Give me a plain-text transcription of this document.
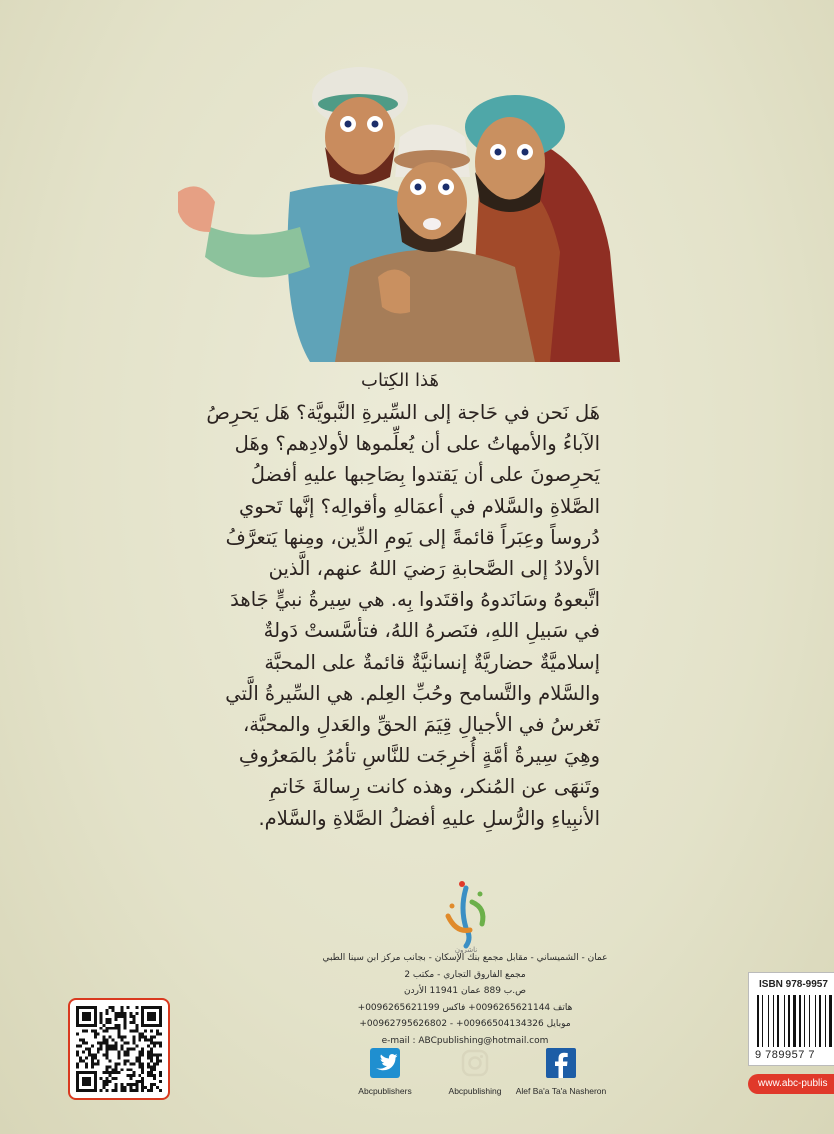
هَذا الكِتاب
هَل نَحن في حَاجة إلى السِّيرةِ النَّبويَّة؟ هَل يَحرِصُ
الآباءُ والأمهاتُ على أن يُعلِّموها لأولادِهم؟ وهَل
يَحرِصونَ على أن يَقتدوا بِصَاحِبها عليهِ أفضلُ
الصَّلاةِ والسَّلام في أعمَالهِ وأقوالِه؟ إنَّها تَحوي
دُروساً وعِبَراً قائمةً إلى يَومِ الدِّين، ومِنها يَتعرَّفُ
الأولادُ إلى الصَّحابةِ رَضيَ اللهُ عنهم، الَّذين
اتَّبعوهُ وسَانَدوهُ واقتَدوا بِه. هي سِيرةُ نبيٍّ جَاهدَ
في سَبيلِ اللهِ، فنَصرهُ اللهُ، فتأسَّستْ دَولةٌ
إسلاميَّةٌ حضاريَّةٌ إنسانيَّةٌ قائمةٌ على المحبَّة
والسَّلام والتَّسامح وحُبِّ العِلم. هي السِّيرةُ الَّتي
تَغرسُ في الأجيالِ قِيَمَ الحقِّ والعَدلِ والمحبَّة،
وهِيَ سِيرةُ أمَّةٍ أُخرِجَت للنَّاسِ تأمُرُ بالمَعرُوفِ
وتَنهَى عن المُنكر، وهذه كانت رِسالةَ خَاتمِ
الأنبِياءِ والرُّسلِ عليهِ أفضلُ الصَّلاةِ والسَّلام.
ناشرون
عمان - الشميساني - مقابل مجمع بنك الإسكان - بجانب مركز ابن سينا الطبي
مجمع الفاروق التجاري - مكتب 2
ص.ب 889 عمان 11941 الأردن
هاتف 0096265621144+ فاكس 0096265621199+
موبايل 00966504134326+ - 00962795626802+
e-mail : ABCpublishing@hotmail.com
Abcpublishers	Abcpublishing Alef Ba'a Ta'a Nasheron
ISBN 978-9957
9 789957 7
www.abc-publis
